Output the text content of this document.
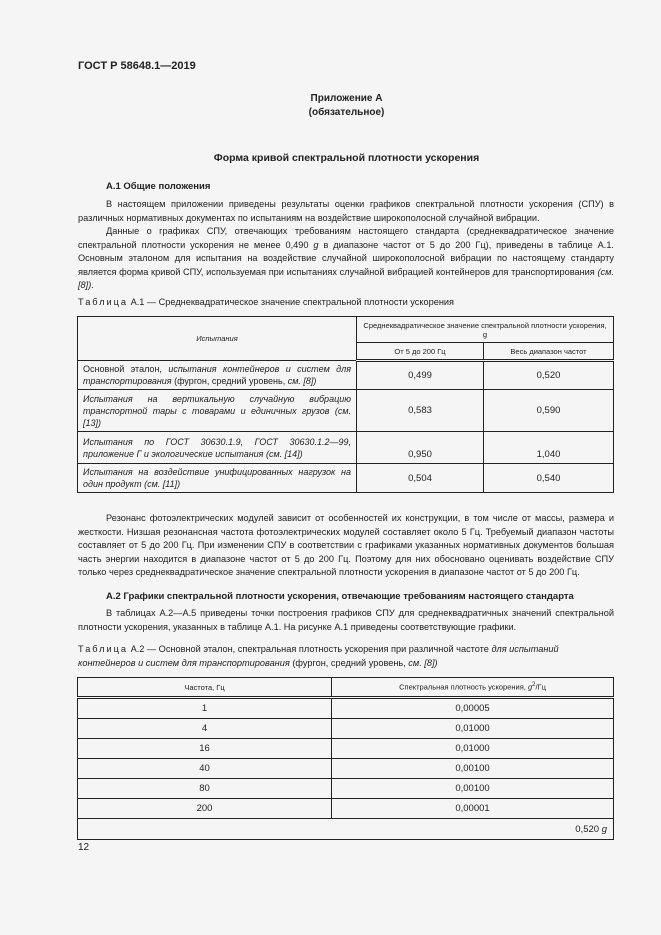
ГОСТ Р 58648.1—2019
Приложение А
(обязательное)
Форма кривой спектральной плотности ускорения
А.1 Общие положения

В настоящем приложении приведены результаты оценки графиков спектральной плотности ускорения (СПУ) в различных нормативных документах по испытаниям на воздействие широкополосной случайной вибрации.

Данные о графиках СПУ, отвечающих требованиям настоящего стандарта (среднеквадратическое значение спектральной плотности ускорения не менее 0,490 g в диапазоне частот от 5 до 200 Гц), приведены в таблице А.1. Основным эталоном для испытания на воздействие случайной широкополосной вибрации по настоящему стандарту является форма кривой СПУ, используемая при испытаниях случайной вибрацией контейнеров для транспортирования (см. [8]).

Таблица А.1 — Среднеквадратическое значение спектральной плотности ускорения
Испытания	Среднеквадратическое значение спектральной плотности ускорения, g	
	От 5 до 200 Гц	Весь диапазон частот
Основной эталон, испытания контейнеров и систем для транспортирования (фургон, средний уровень, см. [8])	0,499	0,520
Испытания на вертикальную случайную вибрацию транспортной тары с товарами и единичных грузов (см. [13])	0,583	0,590
Испытания по ГОСТ 30630.1.9, ГОСТ 30630.1.2—99, приложение Г и экологические испытания (см. [14])	0,950	1,040
Испытания на воздействие унифицированных нагрузок на один продукт (см. [11])	0,504	0,540

Резонанс фотоэлектрических модулей зависит от особенностей их конструкции, в том числе от массы, размера и жесткости. Низшая резонансная частота фотоэлектрических модулей составляет около 5 Гц. Требуемый диапазон частоты составляет от 5 до 200 Гц. При изменении СПУ в соответствии с графиками указанных нормативных документов большая часть энергии находится в диапазоне частот от 5 до 200 Гц. Поэтому для них обосновано оценивать воздействие СПУ только через среднеквадратическое значение спектральной плотности ускорения в диапазоне частот от 5 до 200 Гц.

А.2 Графики спектральной плотности ускорения, отвечающие требованиям настоящего стандарта

В таблицах А.2—А.5 приведены точки построения графиков СПУ для среднеквадратичных значений спектральной плотности ускорения, указанных в таблице А.1. На рисунке А.1 приведены соответствующие графики.

Таблица А.2 — Основной эталон, спектральная плотность ускорения при различной частоте для испытаний контейнеров и систем для транспортирования (фургон, средний уровень, см. [8])
Частота, Гц	Спектральная плотность ускорения, $g^2/Гц$
1	0,00005
4	0,01000
16	0,01000
40	0,00100
80	0,00100
200	0,00001
0,520 g	
12
